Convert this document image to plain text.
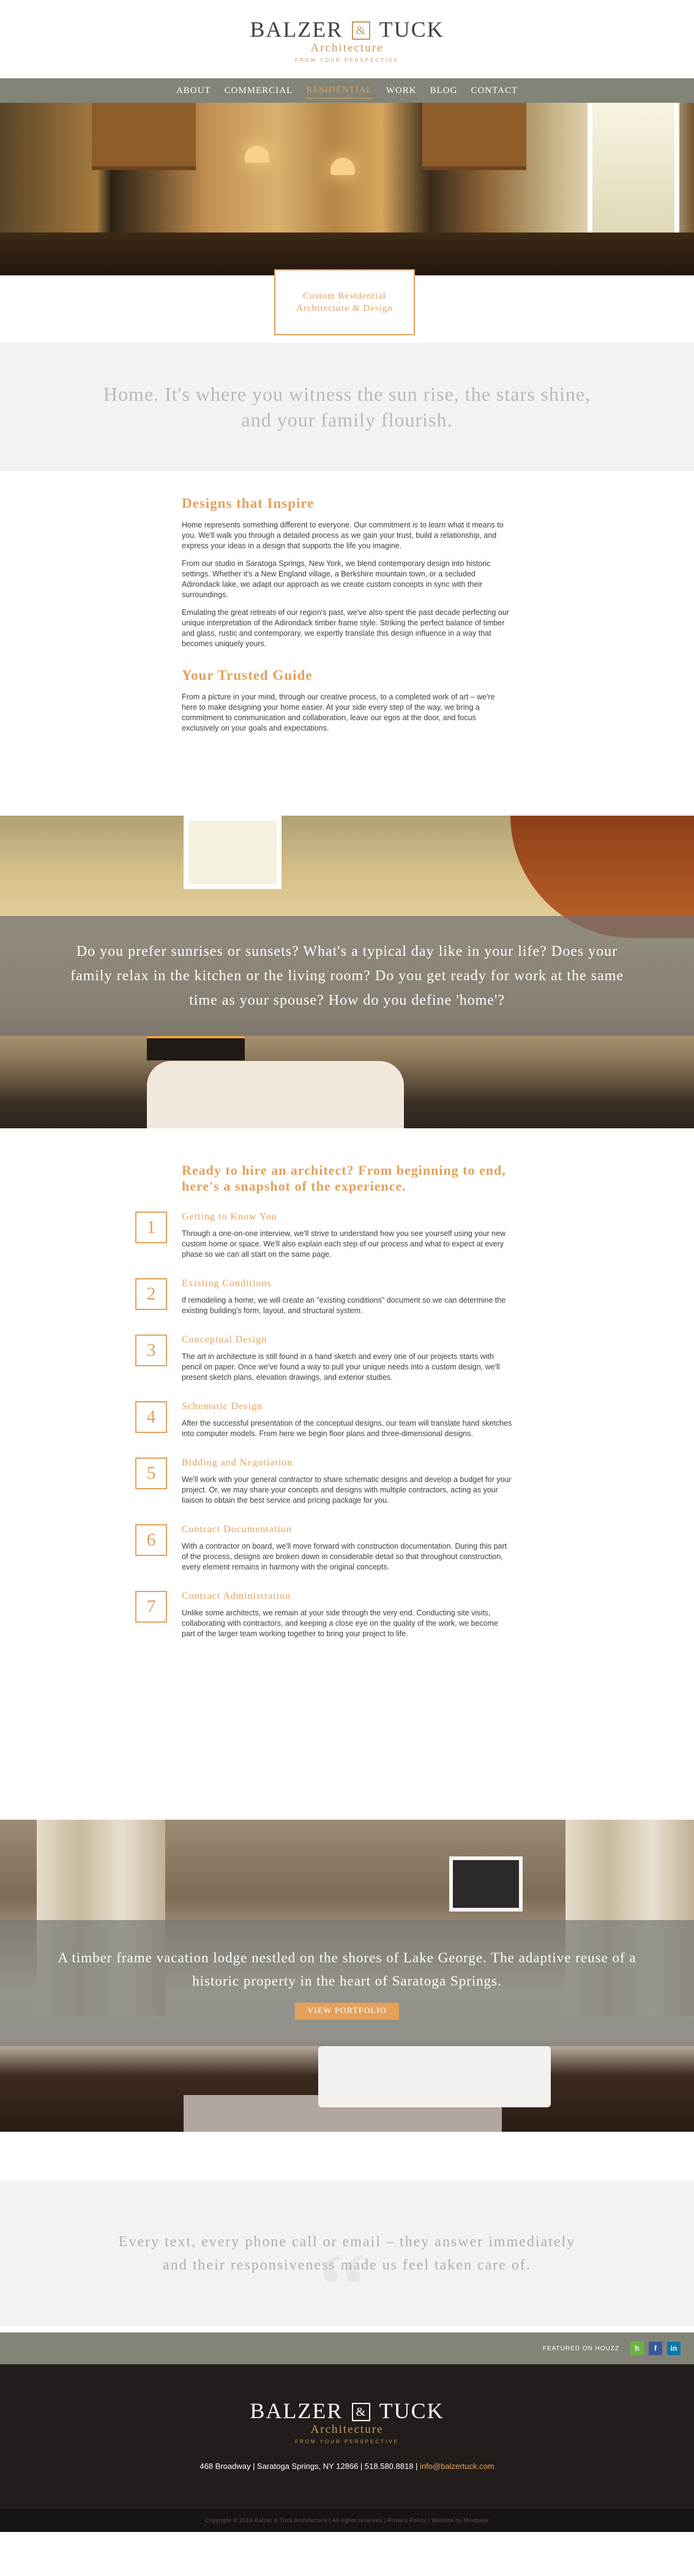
BALZER & TUCK
Architecture
FROM YOUR PERSPECTIVE
ABOUT COMMERCIAL RESIDENTIAL WORK BLOG CONTACT
Custom Residential Architecture & Design

Home. It's where you witness the sun rise, the stars shine, and your family flourish.

Designs that Inspire

Home represents something different to everyone. Our commitment is to learn what it means to you. We'll walk you through a detailed process as we gain your trust, build a relationship, and express your ideas in a design that supports the life you imagine.

From our studio in Saratoga Springs, New York, we blend contemporary design into historic settings. Whether it's a New England village, a Berkshire mountain town, or a secluded Adirondack lake, we adapt our approach as we create custom concepts in sync with their surroundings.

Emulating the great retreats of our region's past, we've also spent the past decade perfecting our unique interpretation of the Adirondack timber frame style. Striking the perfect balance of timber and glass, rustic and contemporary, we expertly translate this design influence in a way that becomes uniquely yours.

Your Trusted Guide

From a picture in your mind, through our creative process, to a completed work of art – we're here to make designing your home easier. At your side every step of the way, we bring a commitment to communication and collaboration, leave our egos at the door, and focus exclusively on your goals and expectations.

Do you prefer sunrises or sunsets? What's a typical day like in your life? Does your family relax in the kitchen or the living room? Do you get ready for work at the same time as your spouse? How do you define 'home'?

Ready to hire an architect? From beginning to end, here's a snapshot of the experience.
1
Getting to Know You

Through a one-on-one interview, we'll strive to understand how you see yourself using your new custom home or space. We'll also explain each step of our process and what to expect at every phase so we can all start on the same page.

2
Existing Conditions

If remodeling a home, we will create an "existing conditions" document so we can determine the existing building's form, layout, and structural system.

3
Conceptual Design

The art in architecture is still found in a hand sketch and every one of our projects starts with pencil on paper. Once we've found a way to pull your unique needs into a custom design, we'll present sketch plans, elevation drawings, and exterior studies.

4
Schematic Design

After the successful presentation of the conceptual designs, our team will translate hand sketches into computer models. From here we begin floor plans and three-dimensional designs.

5
Bidding and Negotiation

We'll work with your general contractor to share schematic designs and develop a budget for your project. Or, we may share your concepts and designs with multiple contractors, acting as your liaison to obtain the best service and pricing package for you.

6
Contract Documentation

With a contractor on board, we'll move forward with construction documentation. During this part of the process, designs are broken down in considerable detail so that throughout construction, every element remains in harmony with the original concepts.

7
Contract Administration

Unlike some architects, we remain at your side through the very end. Conducting site visits, collaborating with contractors, and keeping a close eye on the quality of the work, we become part of the larger team working together to bring your project to life.

A timber frame vacation lodge nestled on the shores of Lake George. The adaptive reuse of a historic property in the heart of Saratoga Springs.

VIEW PORTFOLIO
“

Every text, every phone call or email – they answer immediately and their responsiveness made us feel taken care of.

FEATURED ON HOUZZ	h	f	in
BALZER & TUCK
Architecture
FROM YOUR PERSPECTIVE

468 Broadway | Saratoga Springs, NY 12866 | 518.580.8818 | info@balzertuck.com

Copyright © 2019 Balzer & Tuck Architecture | All rights reserved | Privacy Policy | Website by Mindpepr
